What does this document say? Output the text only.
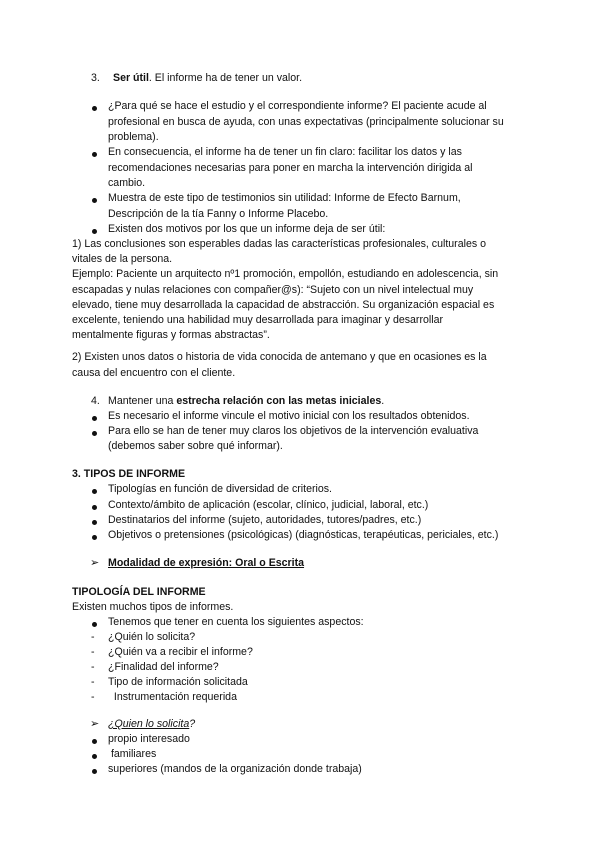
3. Ser útil. El informe ha de tener un valor.
¿Para qué se hace el estudio y el correspondiente informe? El paciente acude al
profesional en busca de ayuda, con unas expectativas (principalmente solucionar su
problema).
En consecuencia, el informe ha de tener un fin claro: facilitar los datos y las
recomendaciones necesarias para poner en marcha la intervención dirigida al
cambio.
Muestra de este tipo de testimonios sin utilidad: Informe de Efecto Barnum,
Descripción de la tía Fanny o Informe Placebo.
Existen dos motivos por los que un informe deja de ser útil:
1) Las conclusiones son esperables dadas las características profesionales, culturales o
vitales de la persona.
Ejemplo: Paciente un arquitecto nº1 promoción, empollón, estudiando en adolescencia, sin
escapadas y nulas relaciones con compañer@s): “Sujeto con un nivel intelectual muy
elevado, tiene muy desarrollada la capacidad de abstracción. Su organización espacial es
excelente, teniendo una habilidad muy desarrollada para imaginar y desarrollar
mentalmente figuras y formas abstractas”.
2) Existen unos datos o historia de vida conocida de antemano y que en ocasiones es la
causa del encuentro con el cliente.
4. Mantener una estrecha relación con las metas iniciales.
Es necesario el informe vincule el motivo inicial con los resultados obtenidos.
Para ello se han de tener muy claros los objetivos de la intervención evaluativa
(debemos saber sobre qué informar).
3. TIPOS DE INFORME
Tipologías en función de diversidad de criterios.
Contexto/ámbito de aplicación (escolar, clínico, judicial, laboral, etc.)
Destinatarios del informe (sujeto, autoridades, tutores/padres, etc.)
Objetivos o pretensiones (psicológicas) (diagnósticas, terapéuticas, periciales, etc.)
➢ Modalidad de expresión: Oral o Escrita
TIPOLOGÍA DEL INFORME
Existen muchos tipos de informes.
Tenemos que tener en cuenta los siguientes aspectos:
- ¿Quién lo solicita?
- ¿Quién va a recibir el informe?
- ¿Finalidad del informe?
- Tipo de información solicitada
- Instrumentación requerida
➢ ¿Quien lo solicita?
propio interesado
familiares
superiores (mandos de la organización donde trabaja)
